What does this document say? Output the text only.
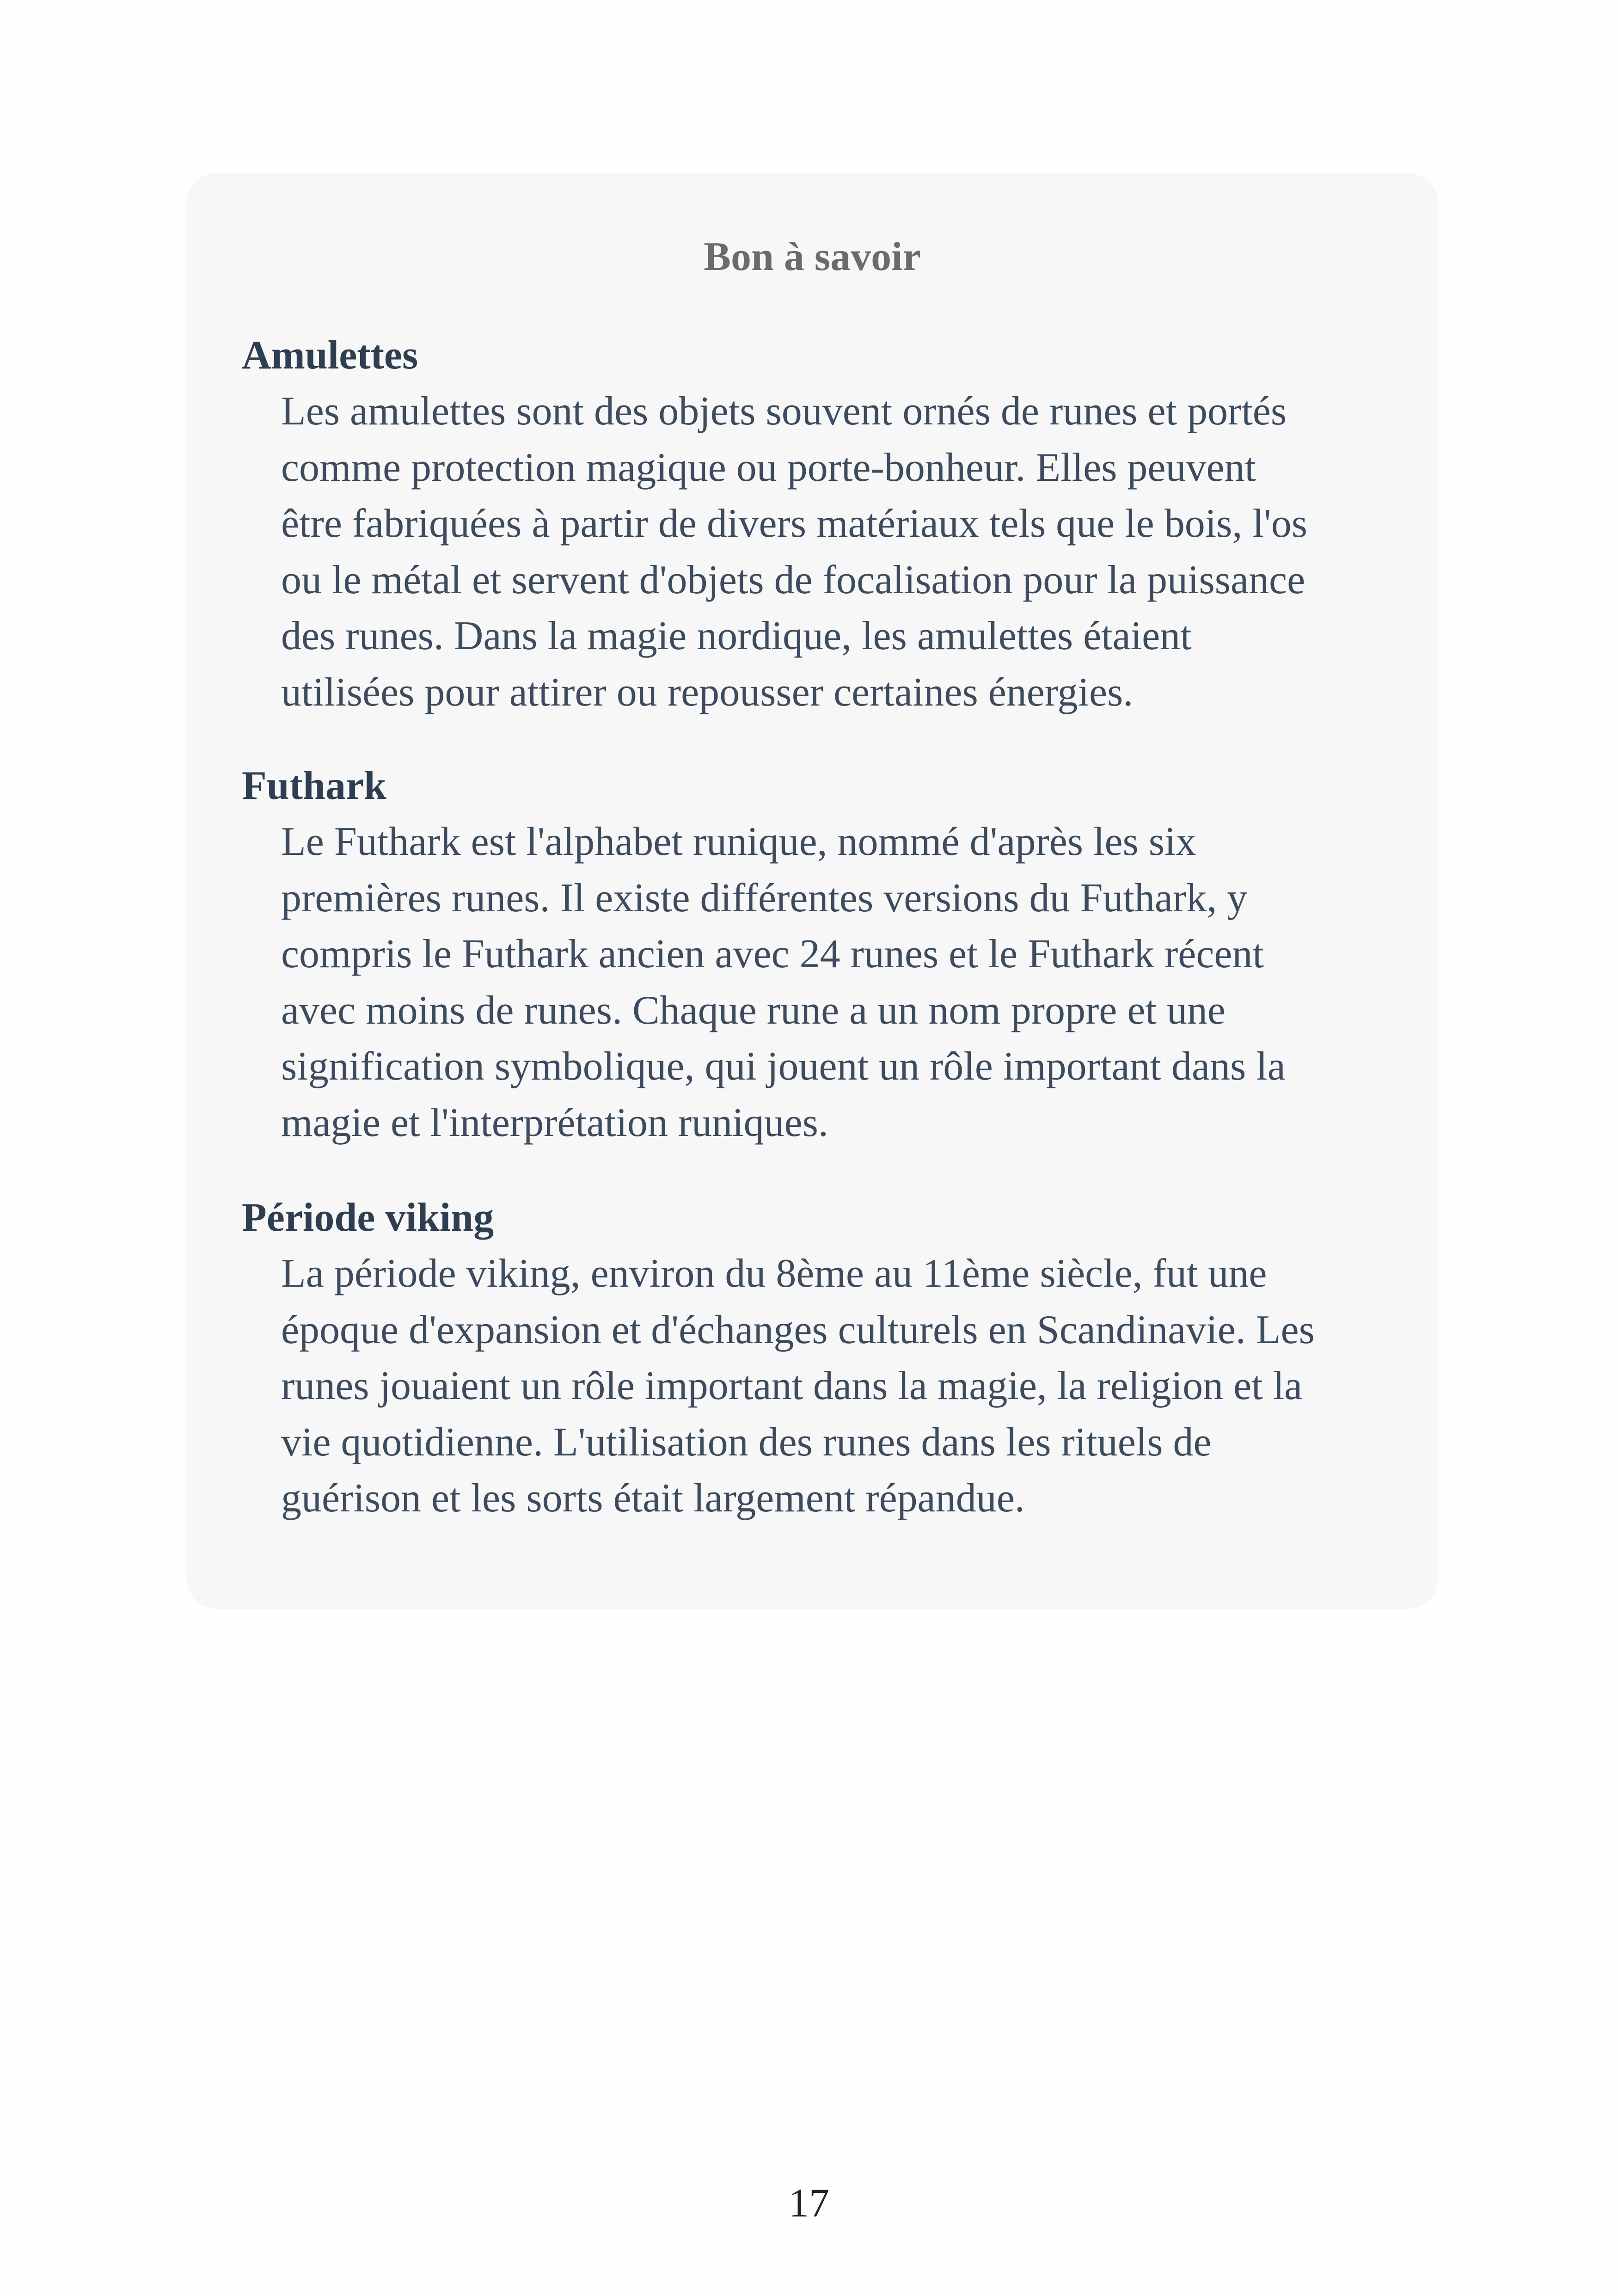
Bon à savoir
Amulettes

Les amulettes sont des objets souvent ornés de runes et portés
comme protection magique ou porte-bonheur. Elles peuvent
être fabriquées à partir de divers matériaux tels que le bois, l'os
ou le métal et servent d'objets de focalisation pour la puissance
des runes. Dans la magie nordique, les amulettes étaient
utilisées pour attirer ou repousser certaines énergies.

Futhark

Le Futhark est l'alphabet runique, nommé d'après les six
premières runes. Il existe différentes versions du Futhark, y
compris le Futhark ancien avec 24 runes et le Futhark récent
avec moins de runes. Chaque rune a un nom propre et une
signification symbolique, qui jouent un rôle important dans la
magie et l'interprétation runiques.

Période viking

La période viking, environ du 8ème au 11ème siècle, fut une
époque d'expansion et d'échanges culturels en Scandinavie. Les
runes jouaient un rôle important dans la magie, la religion et la
vie quotidienne. L'utilisation des runes dans les rituels de
guérison et les sorts était largement répandue.

17
